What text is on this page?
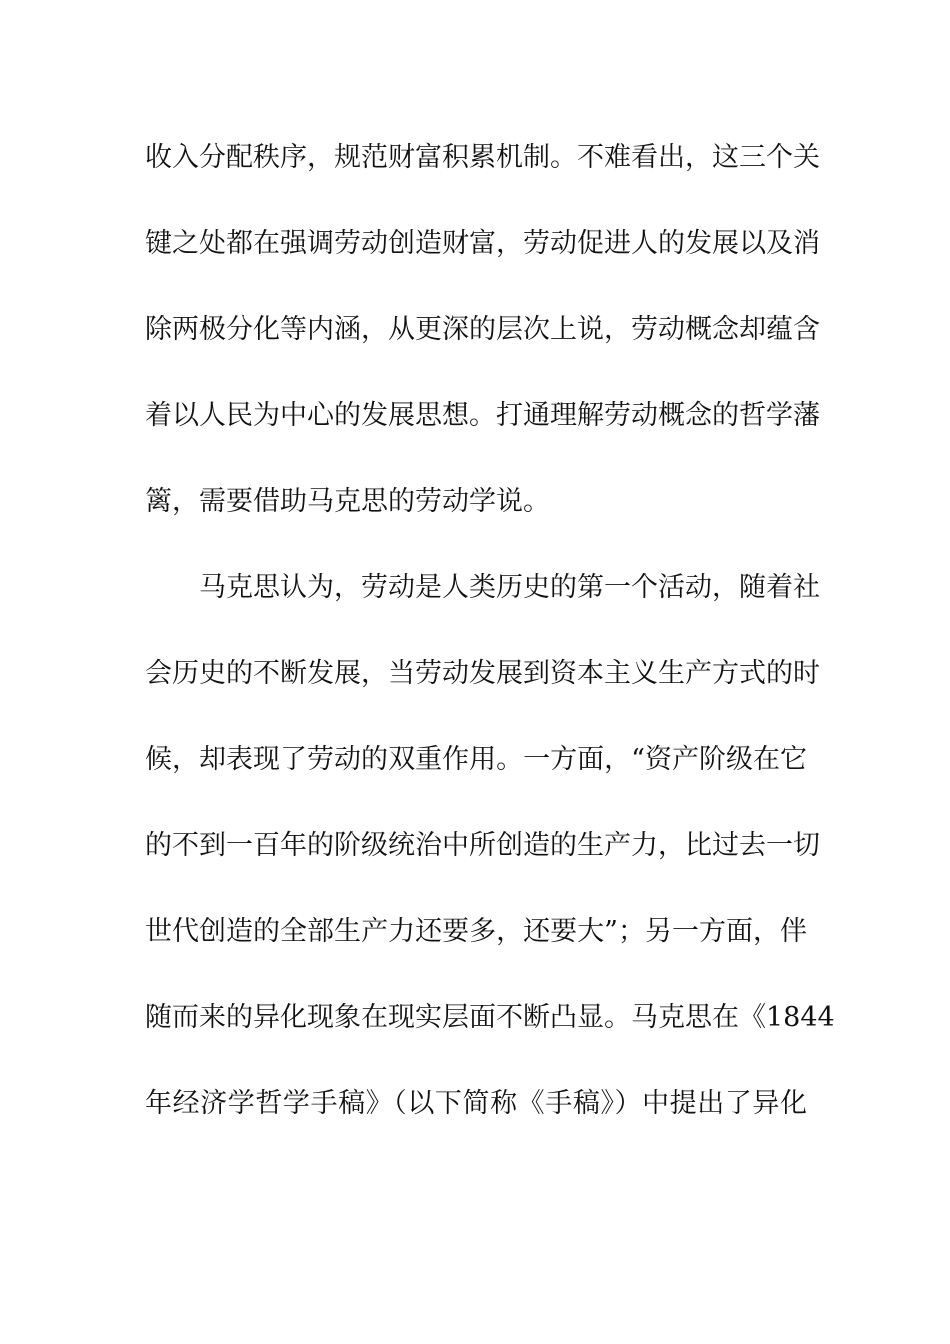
收入分配秩序，规范财富积累机制。不难看出，这三个关
键之处都在强调劳动创造财富，劳动促进人的发展以及消
除两极分化等内涵，从更深的层次上说，劳动概念却蕴含
着以人民为中心的发展思想。打通理解劳动概念的哲学藩
篱，需要借助马克思的劳动学说。
马克思认为，劳动是人类历史的第一个活动，随着社
会历史的不断发展，当劳动发展到资本主义生产方式的时
候，却表现了劳动的双重作用。一方面，“资产阶级在它
的不到一百年的阶级统治中所创造的生产力，比过去一切
世代创造的全部生产力还要多，还要大”；另一方面，伴
随而来的异化现象在现实层面不断凸显。马克思在《1844
年经济学哲学手稿》（以下简称《手稿》）中提出了异化
